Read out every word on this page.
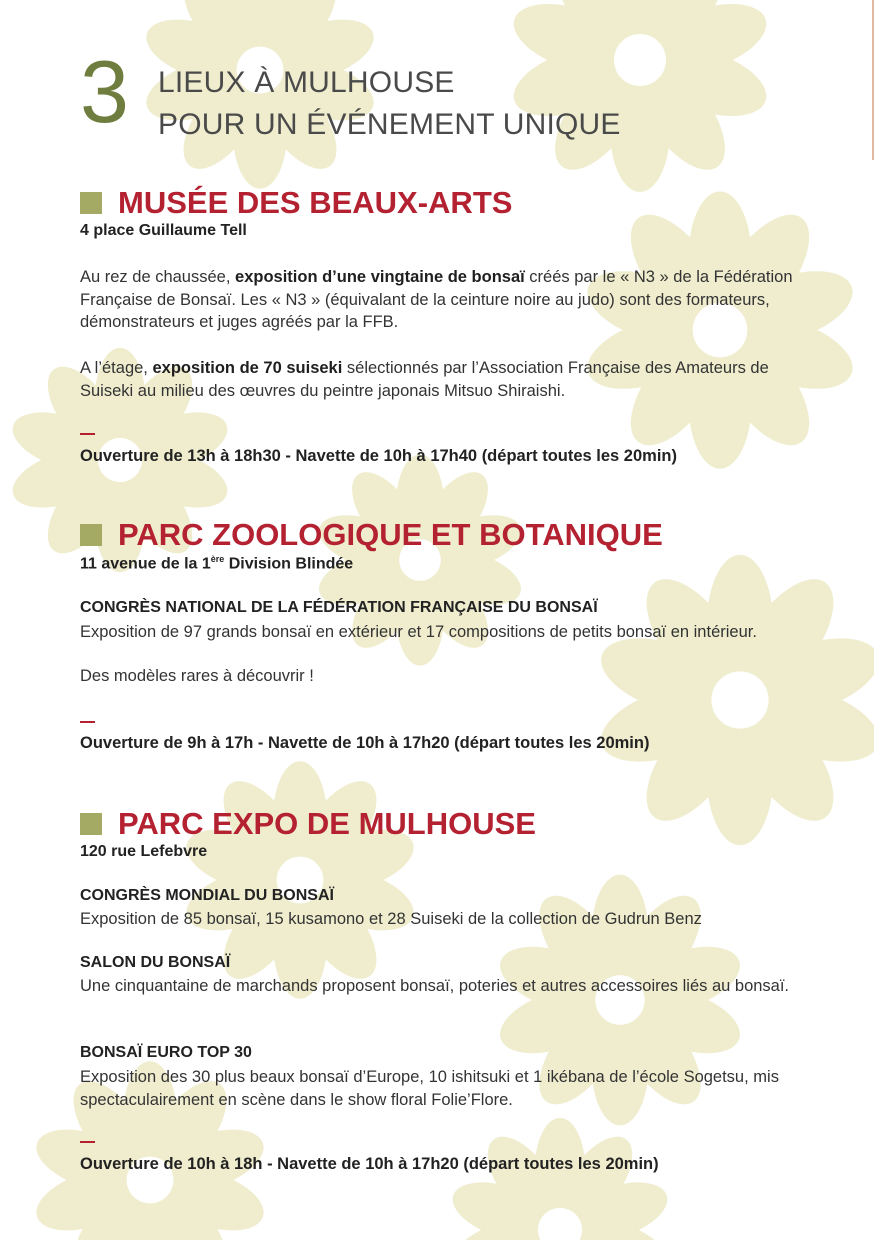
3 LIEUX À MULHOUSE
POUR UN ÉVÉNEMENT UNIQUE
MUSÉE DES BEAUX-ARTS
4 place Guillaume Tell
Au rez de chaussée, exposition d’une vingtaine de bonsaï créés par le « N3 » de la Fédération Française de Bonsaï. Les « N3 » (équivalant de la ceinture noire au judo) sont des formateurs, démonstrateurs et juges agréés par la FFB.
A l’étage, exposition de 70 suiseki sélectionnés par l’Association Française des Amateurs de Suiseki au milieu des œuvres du peintre japonais Mitsuo Shiraishi.
Ouverture de 13h à 18h30 - Navette de 10h à 17h40 (départ toutes les 20min)
PARC ZOOLOGIQUE ET BOTANIQUE
11 avenue de la 1ère Division Blindée
CONGRÈS NATIONAL DE LA FÉDÉRATION FRANÇAISE DU BONSAÏ
Exposition de 97 grands bonsaï en extérieur et 17 compositions de petits bonsaï en intérieur.
Des modèles rares à découvrir !
Ouverture de 9h à 17h - Navette de 10h à 17h20 (départ toutes les 20min)
PARC EXPO DE MULHOUSE
120 rue Lefebvre
CONGRÈS MONDIAL DU BONSAÏ
Exposition de 85 bonsaï, 15 kusamono et 28 Suiseki de la collection de Gudrun Benz
SALON DU BONSAÏ
Une cinquantaine de marchands proposent bonsaï, poteries et autres accessoires liés au bonsaï.
BONSAÏ EURO TOP 30
Exposition des 30 plus beaux bonsaï d’Europe, 10 ishitsuki et 1 ikébana de l’école Sogetsu, mis spectaculairement en scène dans le show floral Folie’Flore.
Ouverture de 10h à 18h - Navette de 10h à 17h20 (départ toutes les 20min)
